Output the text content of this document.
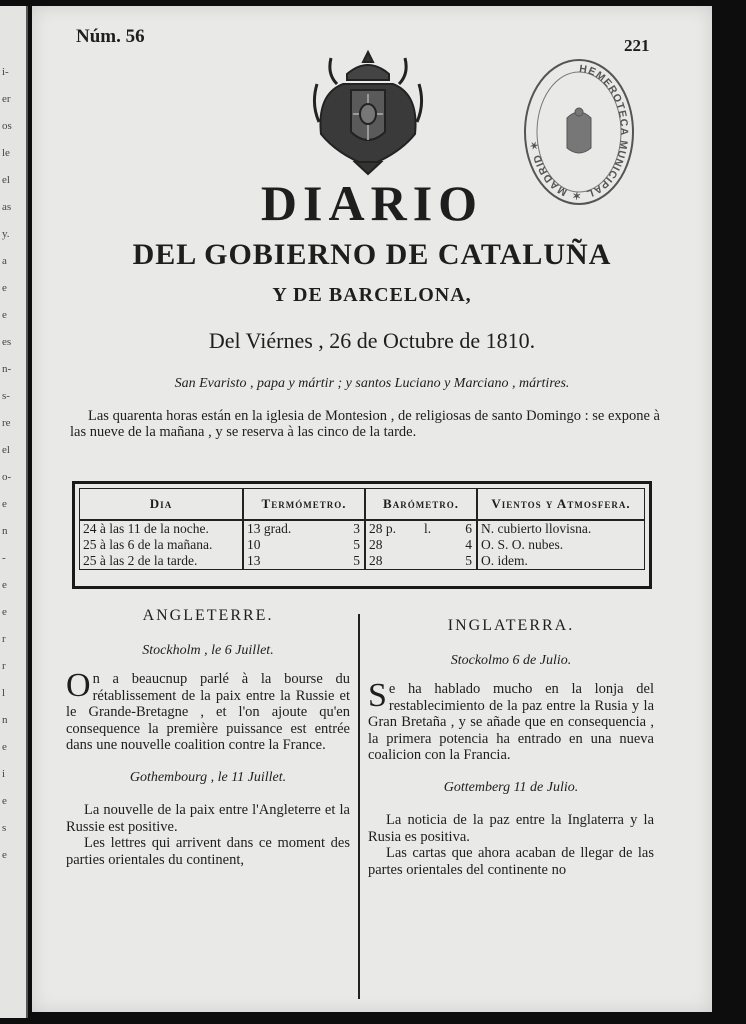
i-
er
os
le
el
as
y.
a
e
e
es
n-
s-
re
el
o-
e
n
-
e
e
r
r
l
n
e
i
e
s
e
Núm. 56	221
HEMEROTECA MUNICIPAL ✶ MADRID ✶
DIARIO
DEL GOBIERNO DE CATALUÑA
Y DE BARCELONA,
Del Viérnes , 26 de Octubre de 1810.
San Evaristo , papa y mártir ; y santos Luciano y Marciano , mártires.
Las quarenta horas están en la iglesia de Montesion , de religiosas de santo Domingo : se expone à las nueve de la mañana , y se reserva à las cinco de la tarde.
Dia	Termómetro.	Barómetro.	Vientos y Atmosfera.
24 à las 11 de la noche.	13 grad. 3	28 p. l. 6	N. cubierto llovisna.
25 à las 6 de la mañana.	10 5	28 4	O. S. O. nubes.
25 à las 2 de la tarde.	13 5	28 5	O. idem.
ANGLETERRE.
Stockholm , le 6 Juillet.
On a beaucnup parlé à la bourse du rétablissement de la paix entre la Russie et le Grande-Bretagne , et l'on ajoute qu'en consequence la première puissance est entrée dans une nouvelle coalition contre la France.
Gothembourg , le 11 Juillet.

La nouvelle de la paix entre l'Angleterre et la Russie est positive.

Les lettres qui arrivent dans ce moment des parties orientales du continent,

INGLATERRA.
Stockolmo 6 de Julio.
Se ha hablado mucho en la lonja del restablecimiento de la paz entre la Rusia y la Gran Bretaña , y se añade que en consequencia , la primera potencia ha entrado en una nueva coalicion con la Francia.
Gottemberg 11 de Julio.

La noticia de la paz entre la Inglaterra y la Rusia es positiva.

Las cartas que ahora acaban de llegar de las partes orientales del continente no
